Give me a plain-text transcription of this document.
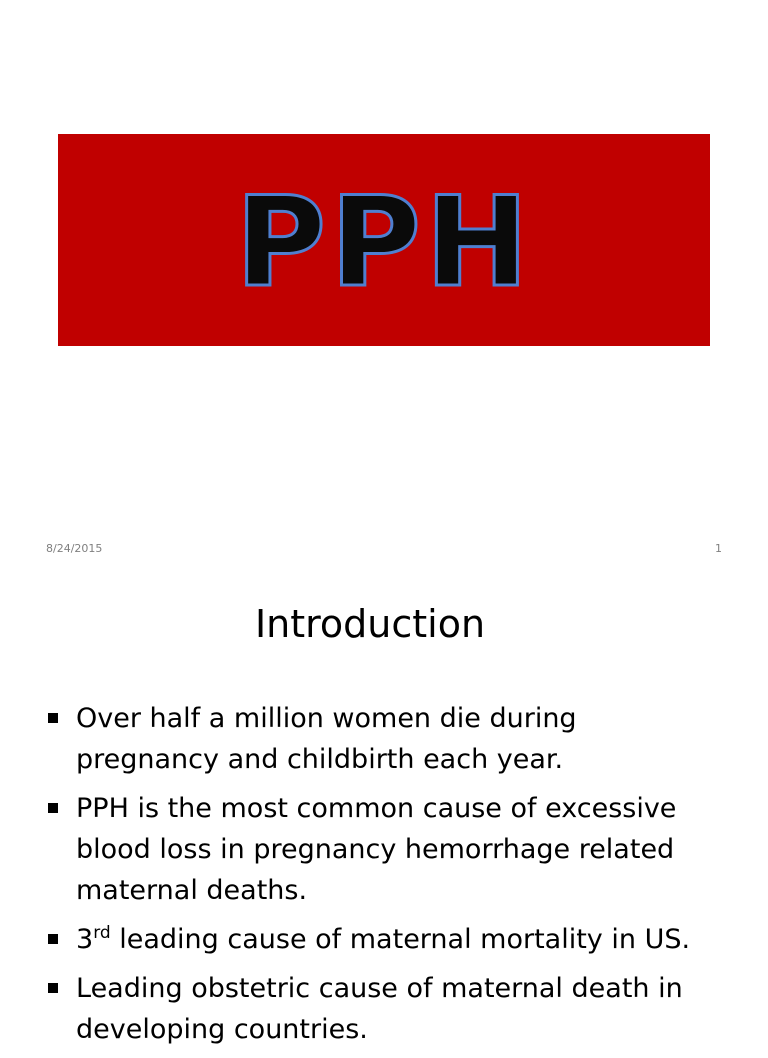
PPH
8/24/2015	1
Introduction
Over half a million women die during pregnancy and childbirth each year.
PPH is the most common cause of excessive blood loss in pregnancy hemorrhage related maternal deaths.
3rd leading cause of maternal mortality in US.
Leading obstetric cause of maternal death in developing countries.
